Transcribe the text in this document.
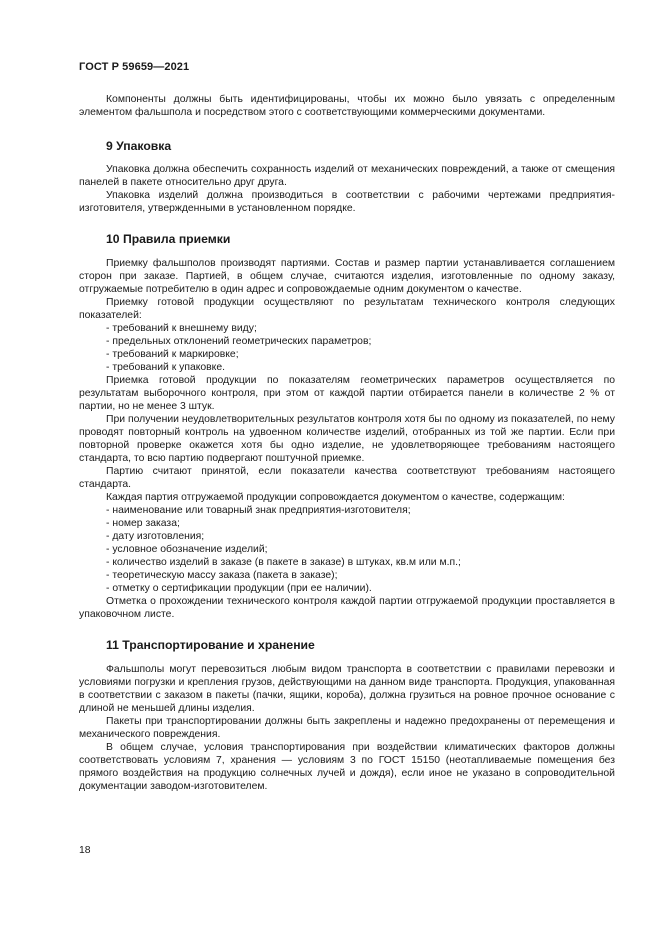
ГОСТ Р 59659—2021

Компоненты должны быть идентифицированы, чтобы их можно было увязать с определенным элементом фальшпола и посредством этого с соответствующими коммерческими документами.

9 Упаковка

Упаковка должна обеспечить сохранность изделий от механических повреждений, а также от смещения панелей в пакете относительно друг друга.

Упаковка изделий должна производиться в соответствии с рабочими чертежами предприятия-изготовителя, утвержденными в установленном порядке.

10 Правила приемки

Приемку фальшполов производят партиями. Состав и размер партии устанавливается соглашением сторон при заказе. Партией, в общем случае, считаются изделия, изготовленные по одному заказу, отгружаемые потребителю в один адрес и сопровождаемые одним документом о качестве.

Приемку готовой продукции осуществляют по результатам технического контроля следующих показателей:

- требований к внешнему виду;

- предельных отклонений геометрических параметров;

- требований к маркировке;

- требований к упаковке.

Приемка готовой продукции по показателям геометрических параметров осуществляется по результатам выборочного контроля, при этом от каждой партии отбирается панели в количестве 2 % от партии, но не менее 3 штук.

При получении неудовлетворительных результатов контроля хотя бы по одному из показателей, по нему проводят повторный контроль на удвоенном количестве изделий, отобранных из той же партии. Если при повторной проверке окажется хотя бы одно изделие, не удовлетворяющее требованиям настоящего стандарта, то всю партию подвергают поштучной приемке.

Партию считают принятой, если показатели качества соответствуют требованиям настоящего стандарта.

Каждая партия отгружаемой продукции сопровождается документом о качестве, содержащим:

- наименование или товарный знак предприятия-изготовителя;

- номер заказа;

- дату изготовления;

- условное обозначение изделий;

- количество изделий в заказе (в пакете в заказе) в штуках, кв.м или м.п.;

- теоретическую массу заказа (пакета в заказе);

- отметку о сертификации продукции (при ее наличии).

Отметка о прохождении технического контроля каждой партии отгружаемой продукции проставляется в упаковочном листе.

11 Транспортирование и хранение

Фальшполы могут перевозиться любым видом транспорта в соответствии с правилами перевозки и условиями погрузки и крепления грузов, действующими на данном виде транспорта. Продукция, упакованная в соответствии с заказом в пакеты (пачки, ящики, короба), должна грузиться на ровное прочное основание с длиной не меньшей длины изделия.

Пакеты при транспортировании должны быть закреплены и надежно предохранены от перемещения и механического повреждения.

В общем случае, условия транспортирования при воздействии климатических факторов должны соответствовать условиям 7, хранения — условиям 3 по ГОСТ 15150 (неотапливаемые помещения без прямого воздействия на продукцию солнечных лучей и дождя), если иное не указано в сопроводительной документации заводом-изготовителем.

18
